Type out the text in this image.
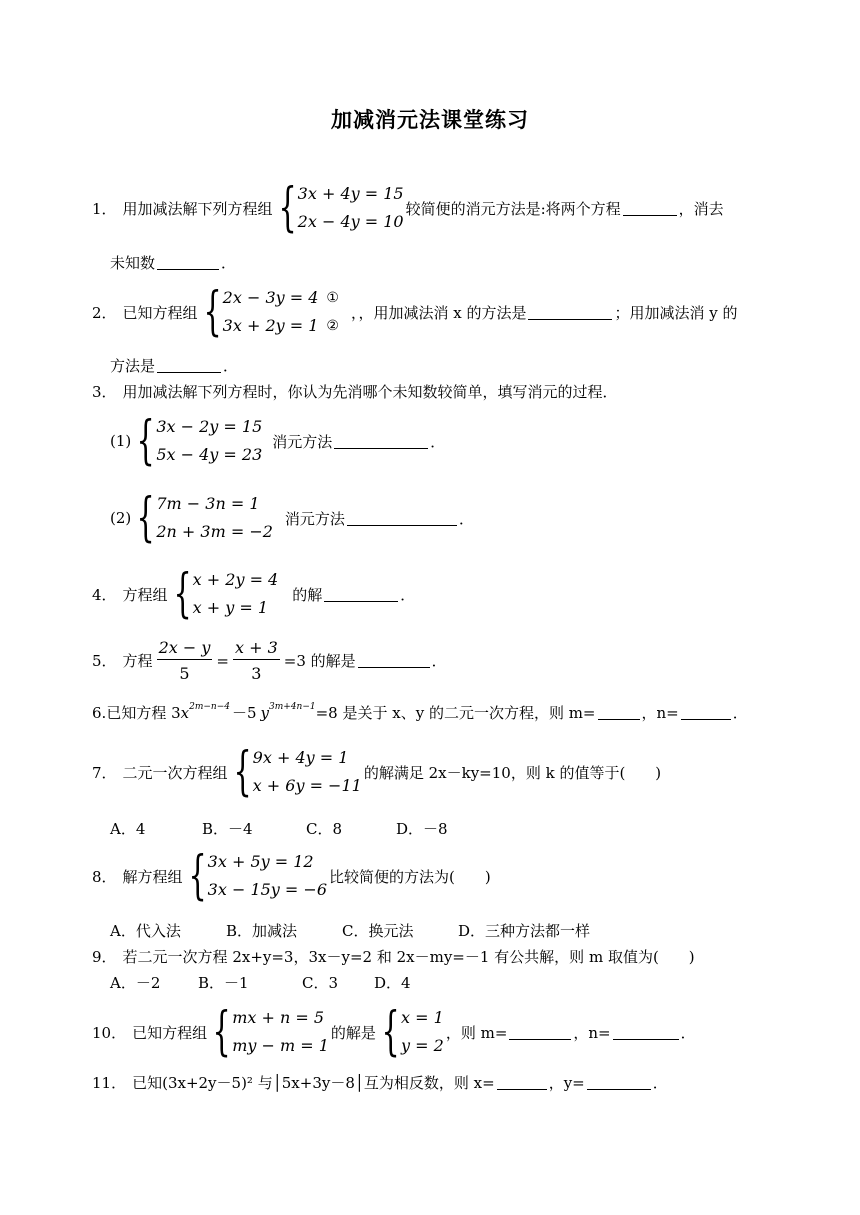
加减消元法课堂练习
1． 用加减法解下列方程组 { 3x + 4y = 15
2x − 4y = 10
较简便的消元方法是:将两个方程	，消去
未知数	．
2． 已知方程组 { 2x − 3y = 4
3x + 2y = 1
①
②
，，用加减法消 x 的方法是	；用加减法消 y 的
方法是	．
3． 用加减法解下列方程时，你认为先消哪个未知数较简单，填写消元的过程．
(1) { 3x − 2y = 15
5x − 4y = 23
消元方法	．
(2) { 7m − 3n = 1
2n + 3m = −2
消元方法	．
4． 方程组 { x + 2y = 4
x + y = 1
的解	．
5． 方程 $\frac{2x - y}{5} = \frac{x + 3}{3} =3$ 的解是	．
6. 已知方程 3 $x^{2m-n-4} -5$ $y^{3m+4n-1} =8$ 是关于 x、y 的二元一次方程，则 m=	，n=	．
7． 二元一次方程组 { 9x + 4y = 1
x + 6y = −11
的解满足 2x－ky=10，则 k 的值等于(　　)
A．4	B．－4	C．8	D．－8
8． 解方程组 { 3x + 5y = 12
3x − 15y = −6
比较简便的方法为(　　)
A．代入法	B．加减法	C．换元法	D．三种方法都一样
9． 若二元一次方程 2x+y=3，3x－y=2 和 2x－my=－1 有公共解，则 m 取值为(　　)
A．－2	B．－1	C．3	D．4
10． 已知方程组 { mx + n = 5
my − m = 1
的解是 { x = 1
y = 2
，则 m=	，n=	．
11． 已知(3x+2y－5)² 与│5x+3y－8│互为相反数，则 x=	，y=	．
